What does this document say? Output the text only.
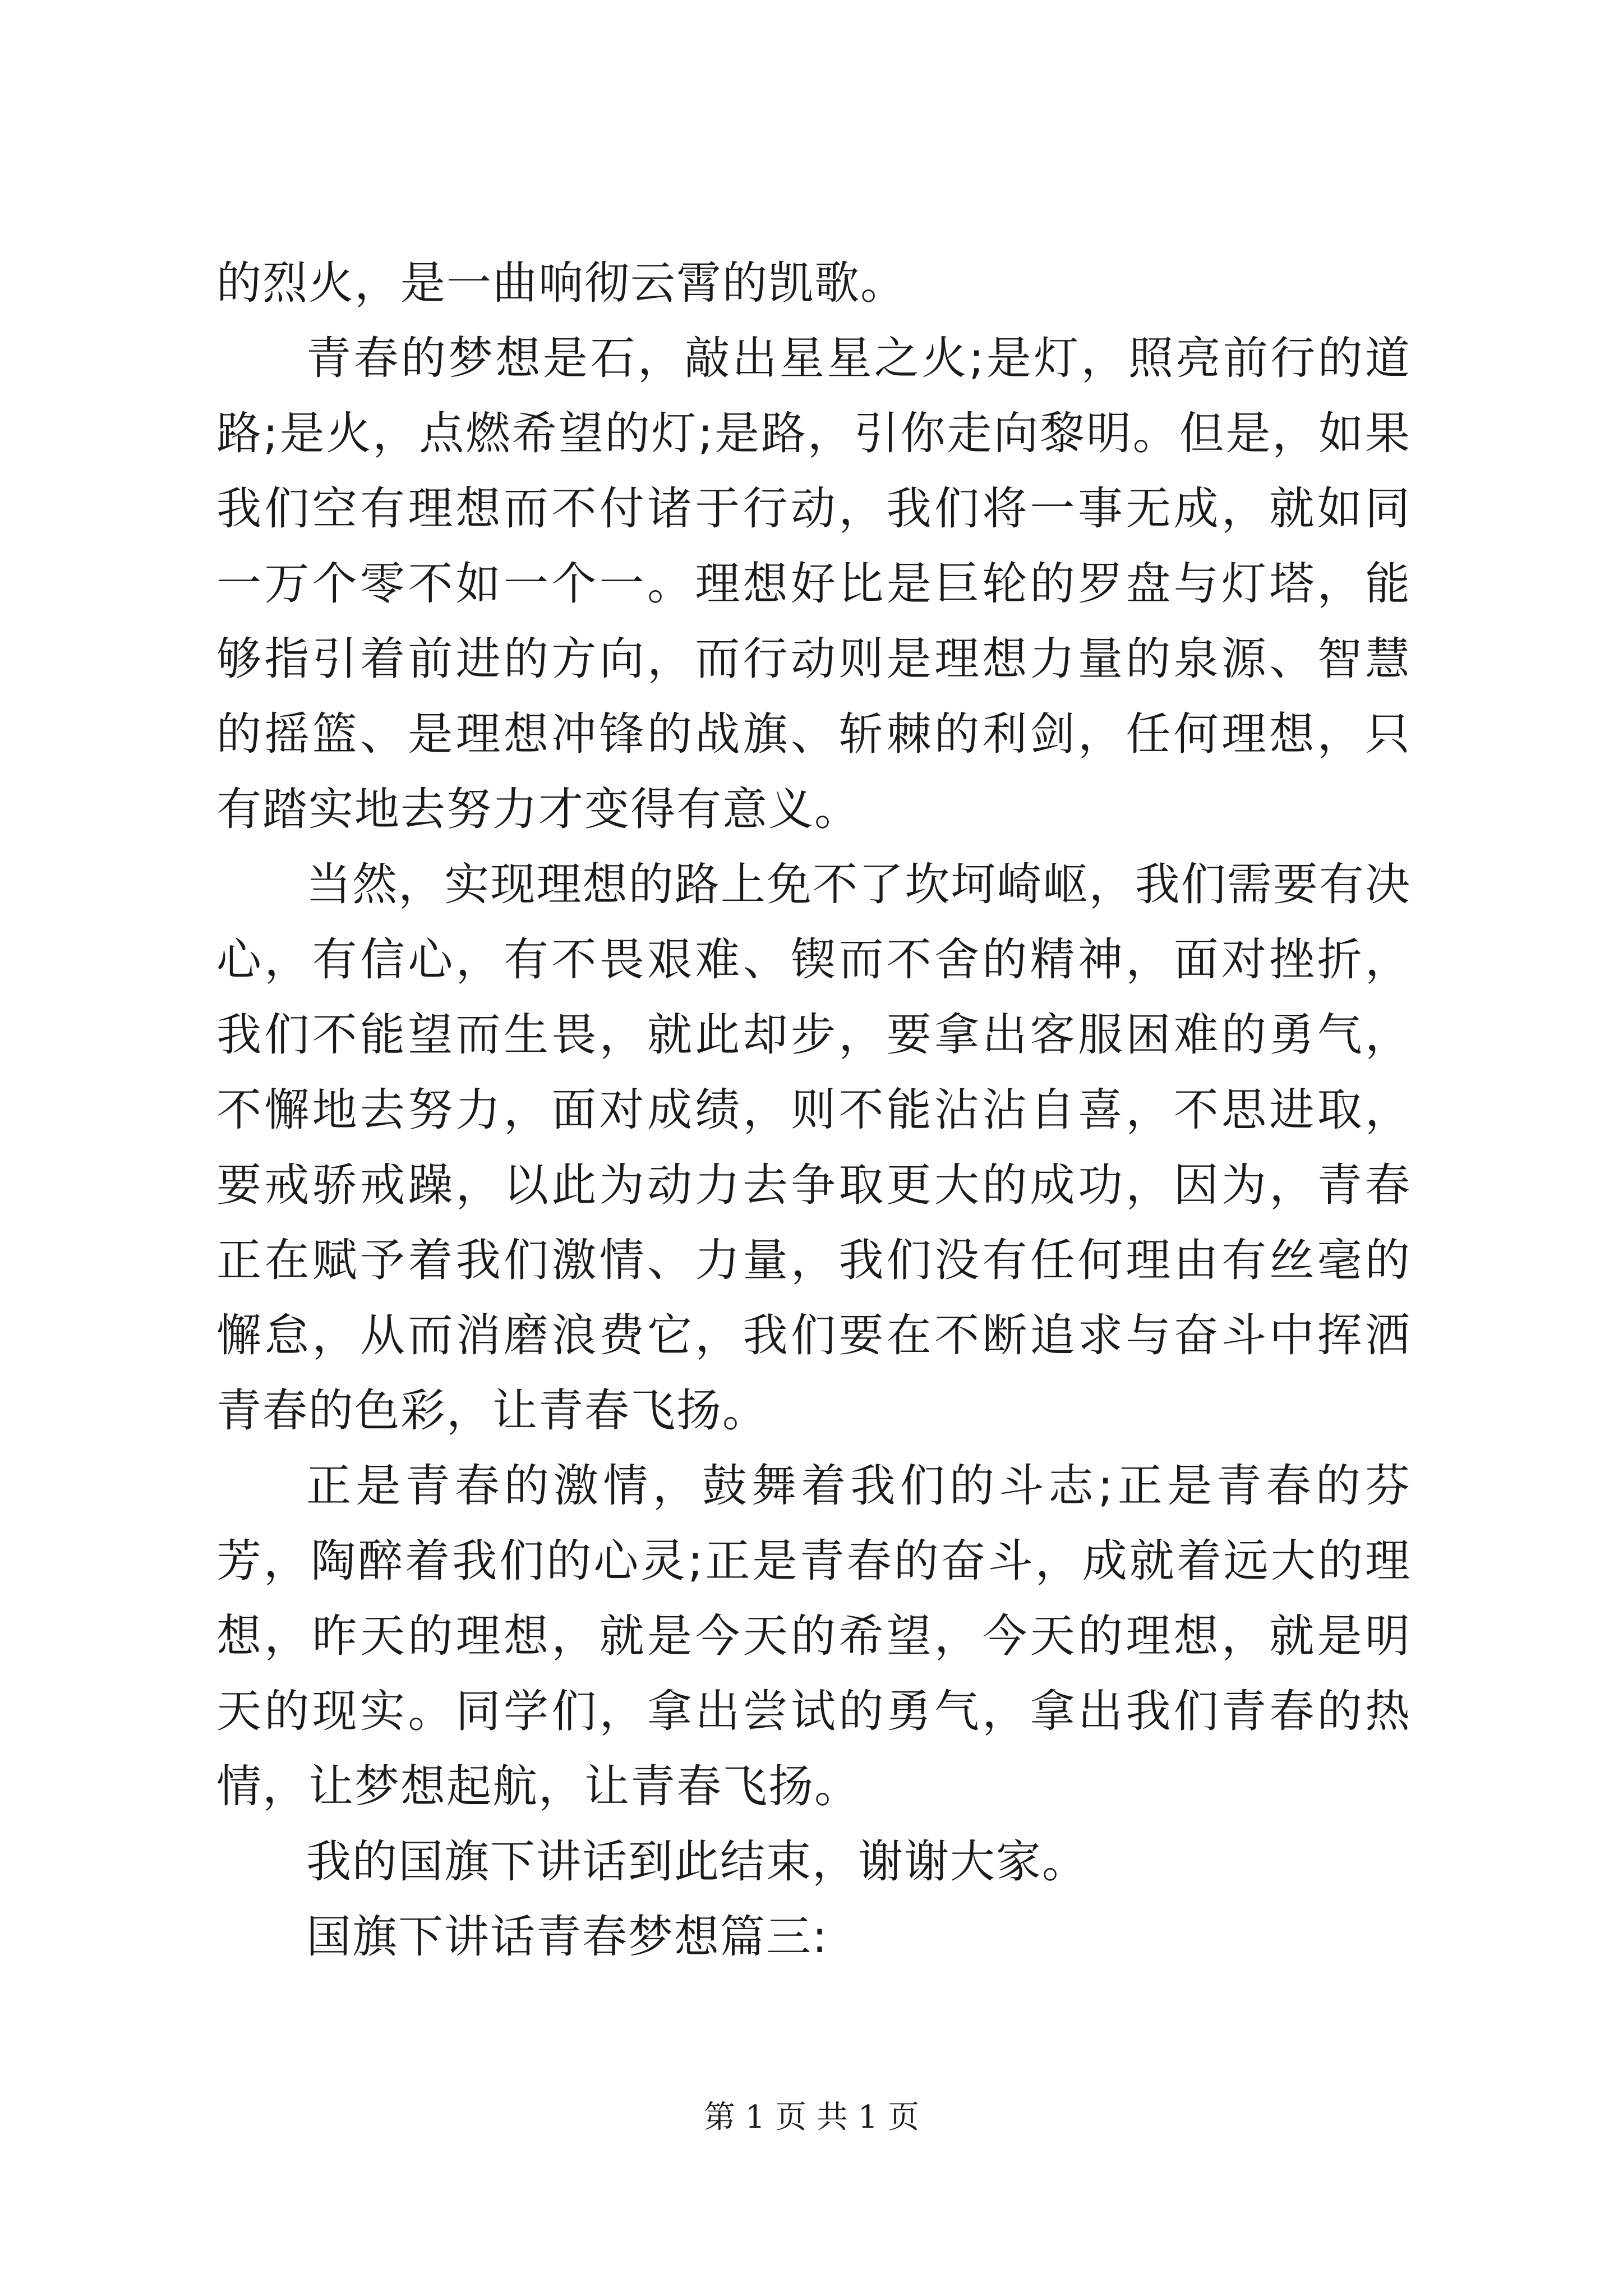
的烈火，是一曲响彻云霄的凯歌。

青春的梦想是石，敲出星星之火;是灯，照亮前行的道路;是火，点燃希望的灯;是路，引你走向黎明。但是，如果我们空有理想而不付诸于行动，我们将一事无成，就如同一万个零不如一个一。理想好比是巨轮的罗盘与灯塔，能够指引着前进的方向，而行动则是理想力量的泉源、智慧的摇篮、是理想冲锋的战旗、斩棘的利剑，任何理想，只有踏实地去努力才变得有意义。

当然，实现理想的路上免不了坎坷崎岖，我们需要有决心，有信心，有不畏艰难、锲而不舍的精神，面对挫折，我们不能望而生畏，就此却步，要拿出客服困难的勇气，不懈地去努力，面对成绩，则不能沾沾自喜，不思进取，要戒骄戒躁，以此为动力去争取更大的成功，因为，青春正在赋予着我们激情、力量，我们没有任何理由有丝毫的懈怠，从而消磨浪费它，我们要在不断追求与奋斗中挥洒青春的色彩，让青春飞扬。

正是青春的激情，鼓舞着我们的斗志;正是青春的芬芳，陶醉着我们的心灵;正是青春的奋斗，成就着远大的理想，昨天的理想，就是今天的希望，今天的理想，就是明天的现实。同学们，拿出尝试的勇气，拿出我们青春的热情，让梦想起航，让青春飞扬。

我的国旗下讲话到此结束，谢谢大家。

国旗下讲话青春梦想篇三:

第 1 页 共 1 页
